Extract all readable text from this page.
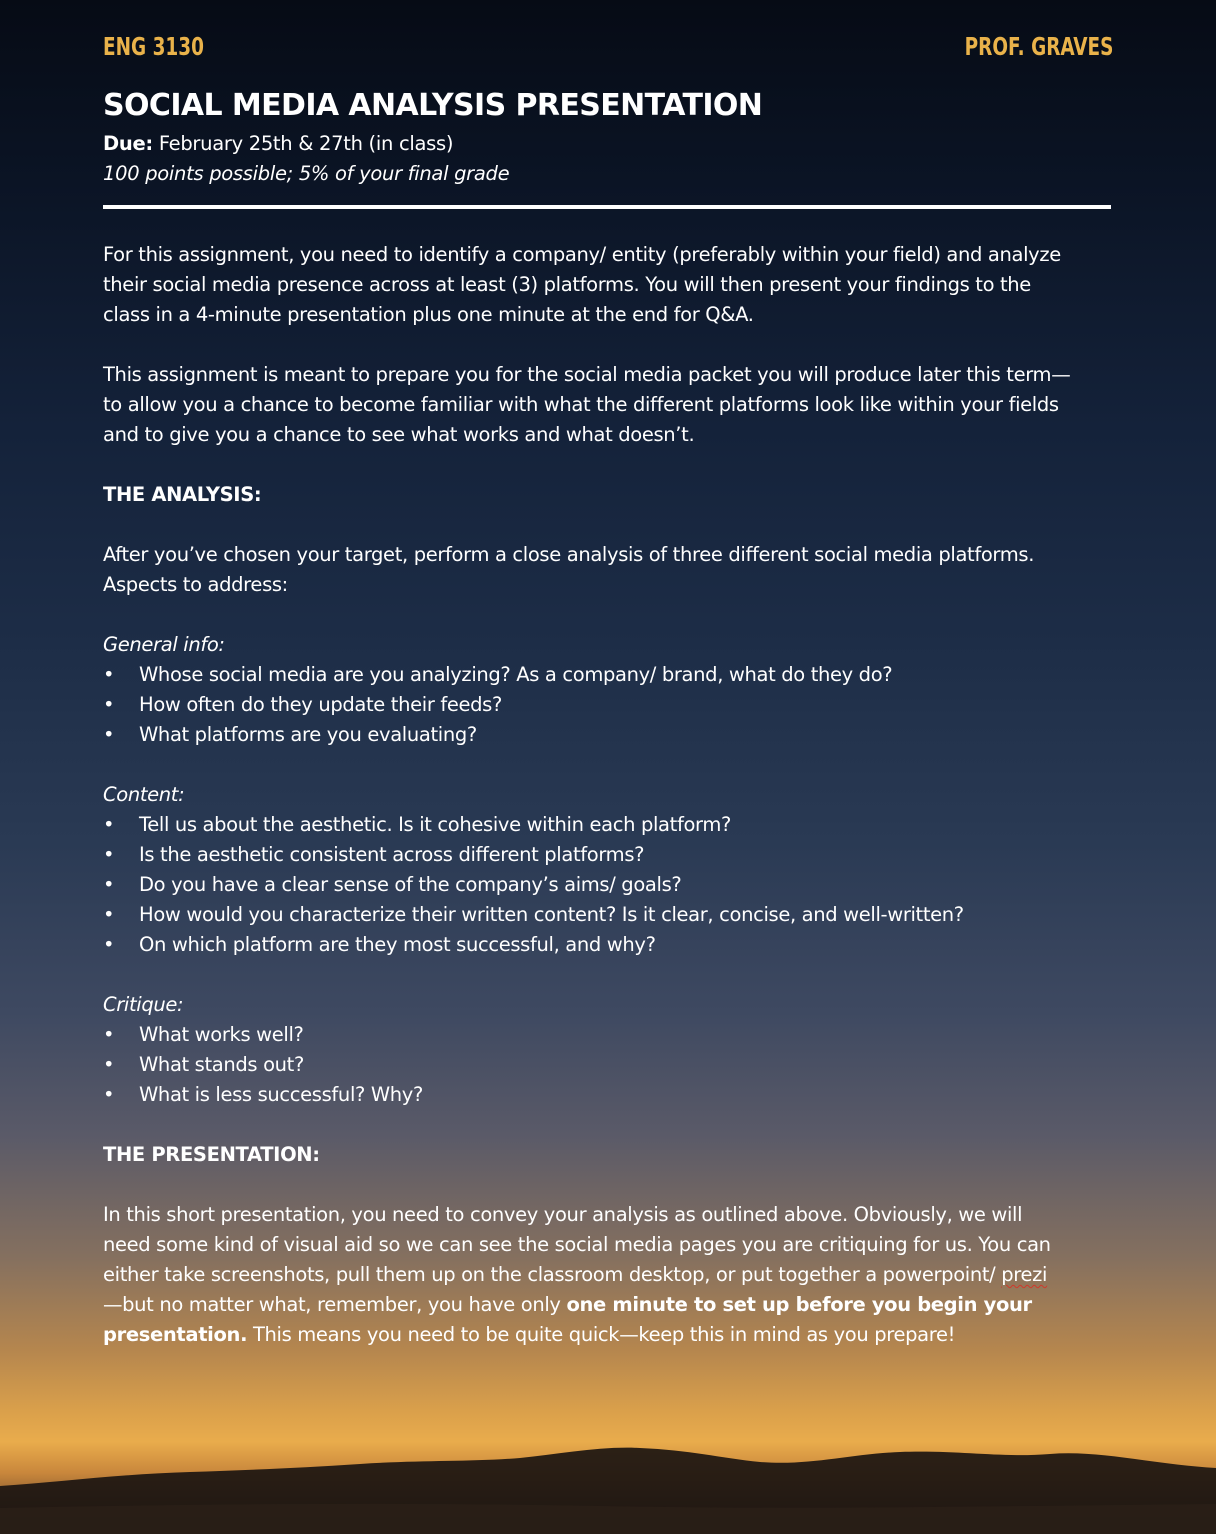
ENG 3130	PROF. GRAVES
SOCIAL MEDIA ANALYSIS PRESENTATION
Due: February 25th & 27th (in class)
100 points possible; 5% of your final grade

For this assignment, you need to identify a company/ entity (preferably within your field) and analyze
their social media presence across at least (3) platforms. You will then present your findings to the
class in a 4-minute presentation plus one minute at the end for Q&A.

This assignment is meant to prepare you for the social media packet you will produce later this term—
to allow you a chance to become familiar with what the different platforms look like within your fields
and to give you a chance to see what works and what doesn’t.

THE ANALYSIS:

After you’ve chosen your target, perform a close analysis of three different social media platforms.
Aspects to address:

General info:
• Whose social media are you analyzing? As a company/ brand, what do they do?
• How often do they update their feeds?
• What platforms are you evaluating?
Content:
• Tell us about the aesthetic. Is it cohesive within each platform?
• Is the aesthetic consistent across different platforms?
• Do you have a clear sense of the company’s aims/ goals?
• How would you characterize their written content? Is it clear, concise, and well-written?
• On which platform are they most successful, and why?
Critique:
• What works well?
• What stands out?
• What is less successful? Why?
THE PRESENTATION:

In this short presentation, you need to convey your analysis as outlined above. Obviously, we will
need some kind of visual aid so we can see the social media pages you are critiquing for us. You can
either take screenshots, pull them up on the classroom desktop, or put together a powerpoint/ prezi
—but no matter what, remember, you have only one minute to set up before you begin your
presentation. This means you need to be quite quick—keep this in mind as you prepare!
